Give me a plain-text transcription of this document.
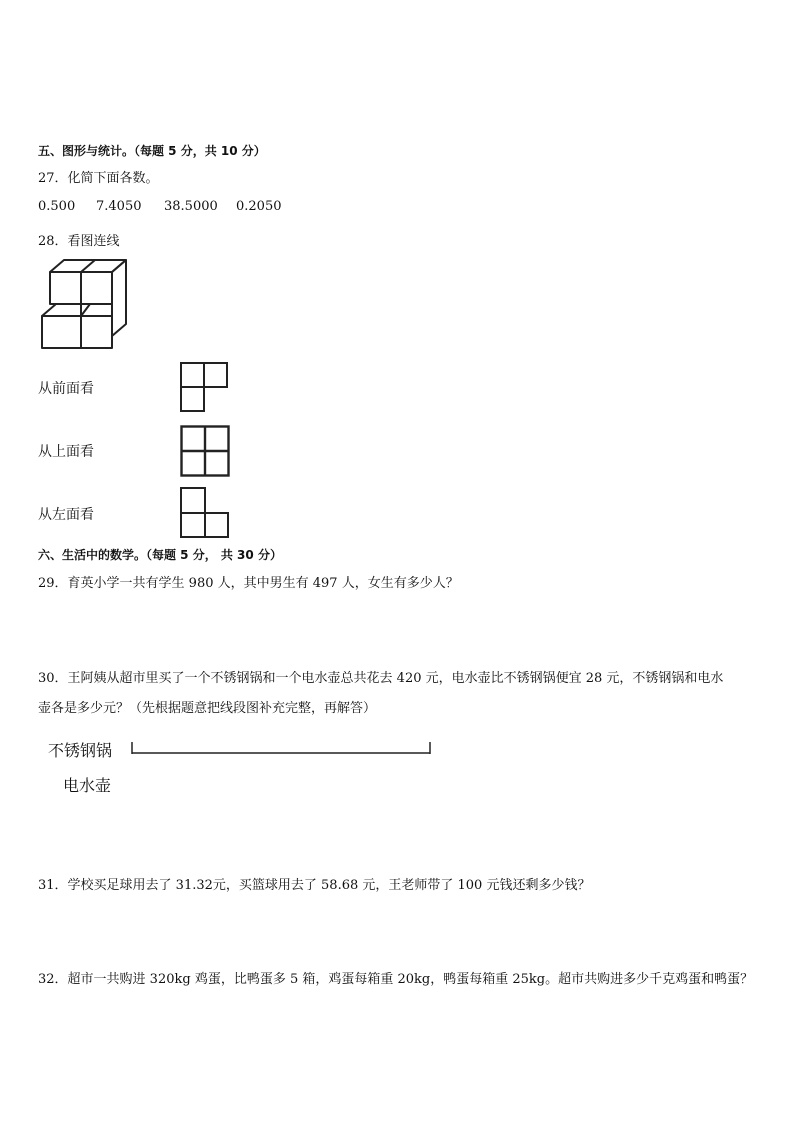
五、图形与统计。（每题 5 分，共 10 分）
27．化简下面各数。
0.500 7.4050 38.5000 0.2050
28．看图连线
从前面看
从上面看
从左面看
六、生活中的数学。（每题 5 分， 共 30 分）
29．育英小学一共有学生 980 人，其中男生有 497 人，女生有多少人？
30．王阿姨从超市里买了一个不锈钢锅和一个电水壶总共花去 420 元，电水壶比不锈钢锅便宜 28 元，不锈钢锅和电水
壶各是多少元？（先根据题意把线段图补充完整，再解答）
不锈钢锅
电水壶
31．学校买足球用去了 31.32元，买篮球用去了 58.68 元，王老师带了 100 元钱还剩多少钱？
32．超市一共购进 320kg 鸡蛋，比鸭蛋多 5 箱，鸡蛋每箱重 20kg，鸭蛋每箱重 25kg。超市共购进多少千克鸡蛋和鸭蛋？
